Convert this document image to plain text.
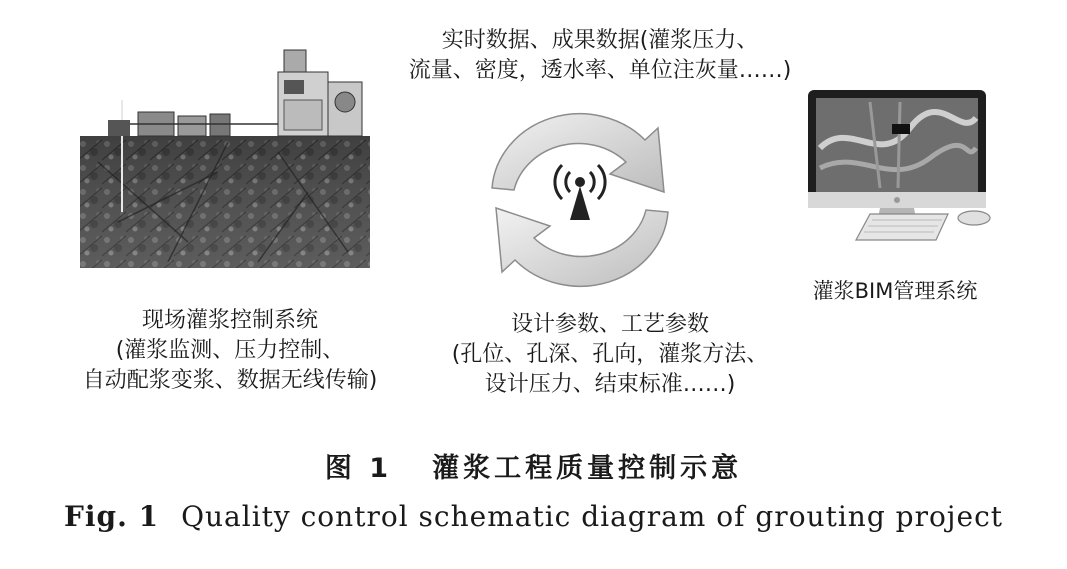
实时数据、成果数据(灌浆压力、
流量、密度，透水率、单位注灰量……)
灌浆BIM管理系统
现场灌浆控制系统
(灌浆监测、压力控制、
自动配浆变浆、数据无线传输)
设计参数、工艺参数
(孔位、孔深、孔向，灌浆方法、
设计压力、结束标准……)
图 1 灌浆工程质量控制示意
Fig. 1 Quality control schematic diagram of grouting project
